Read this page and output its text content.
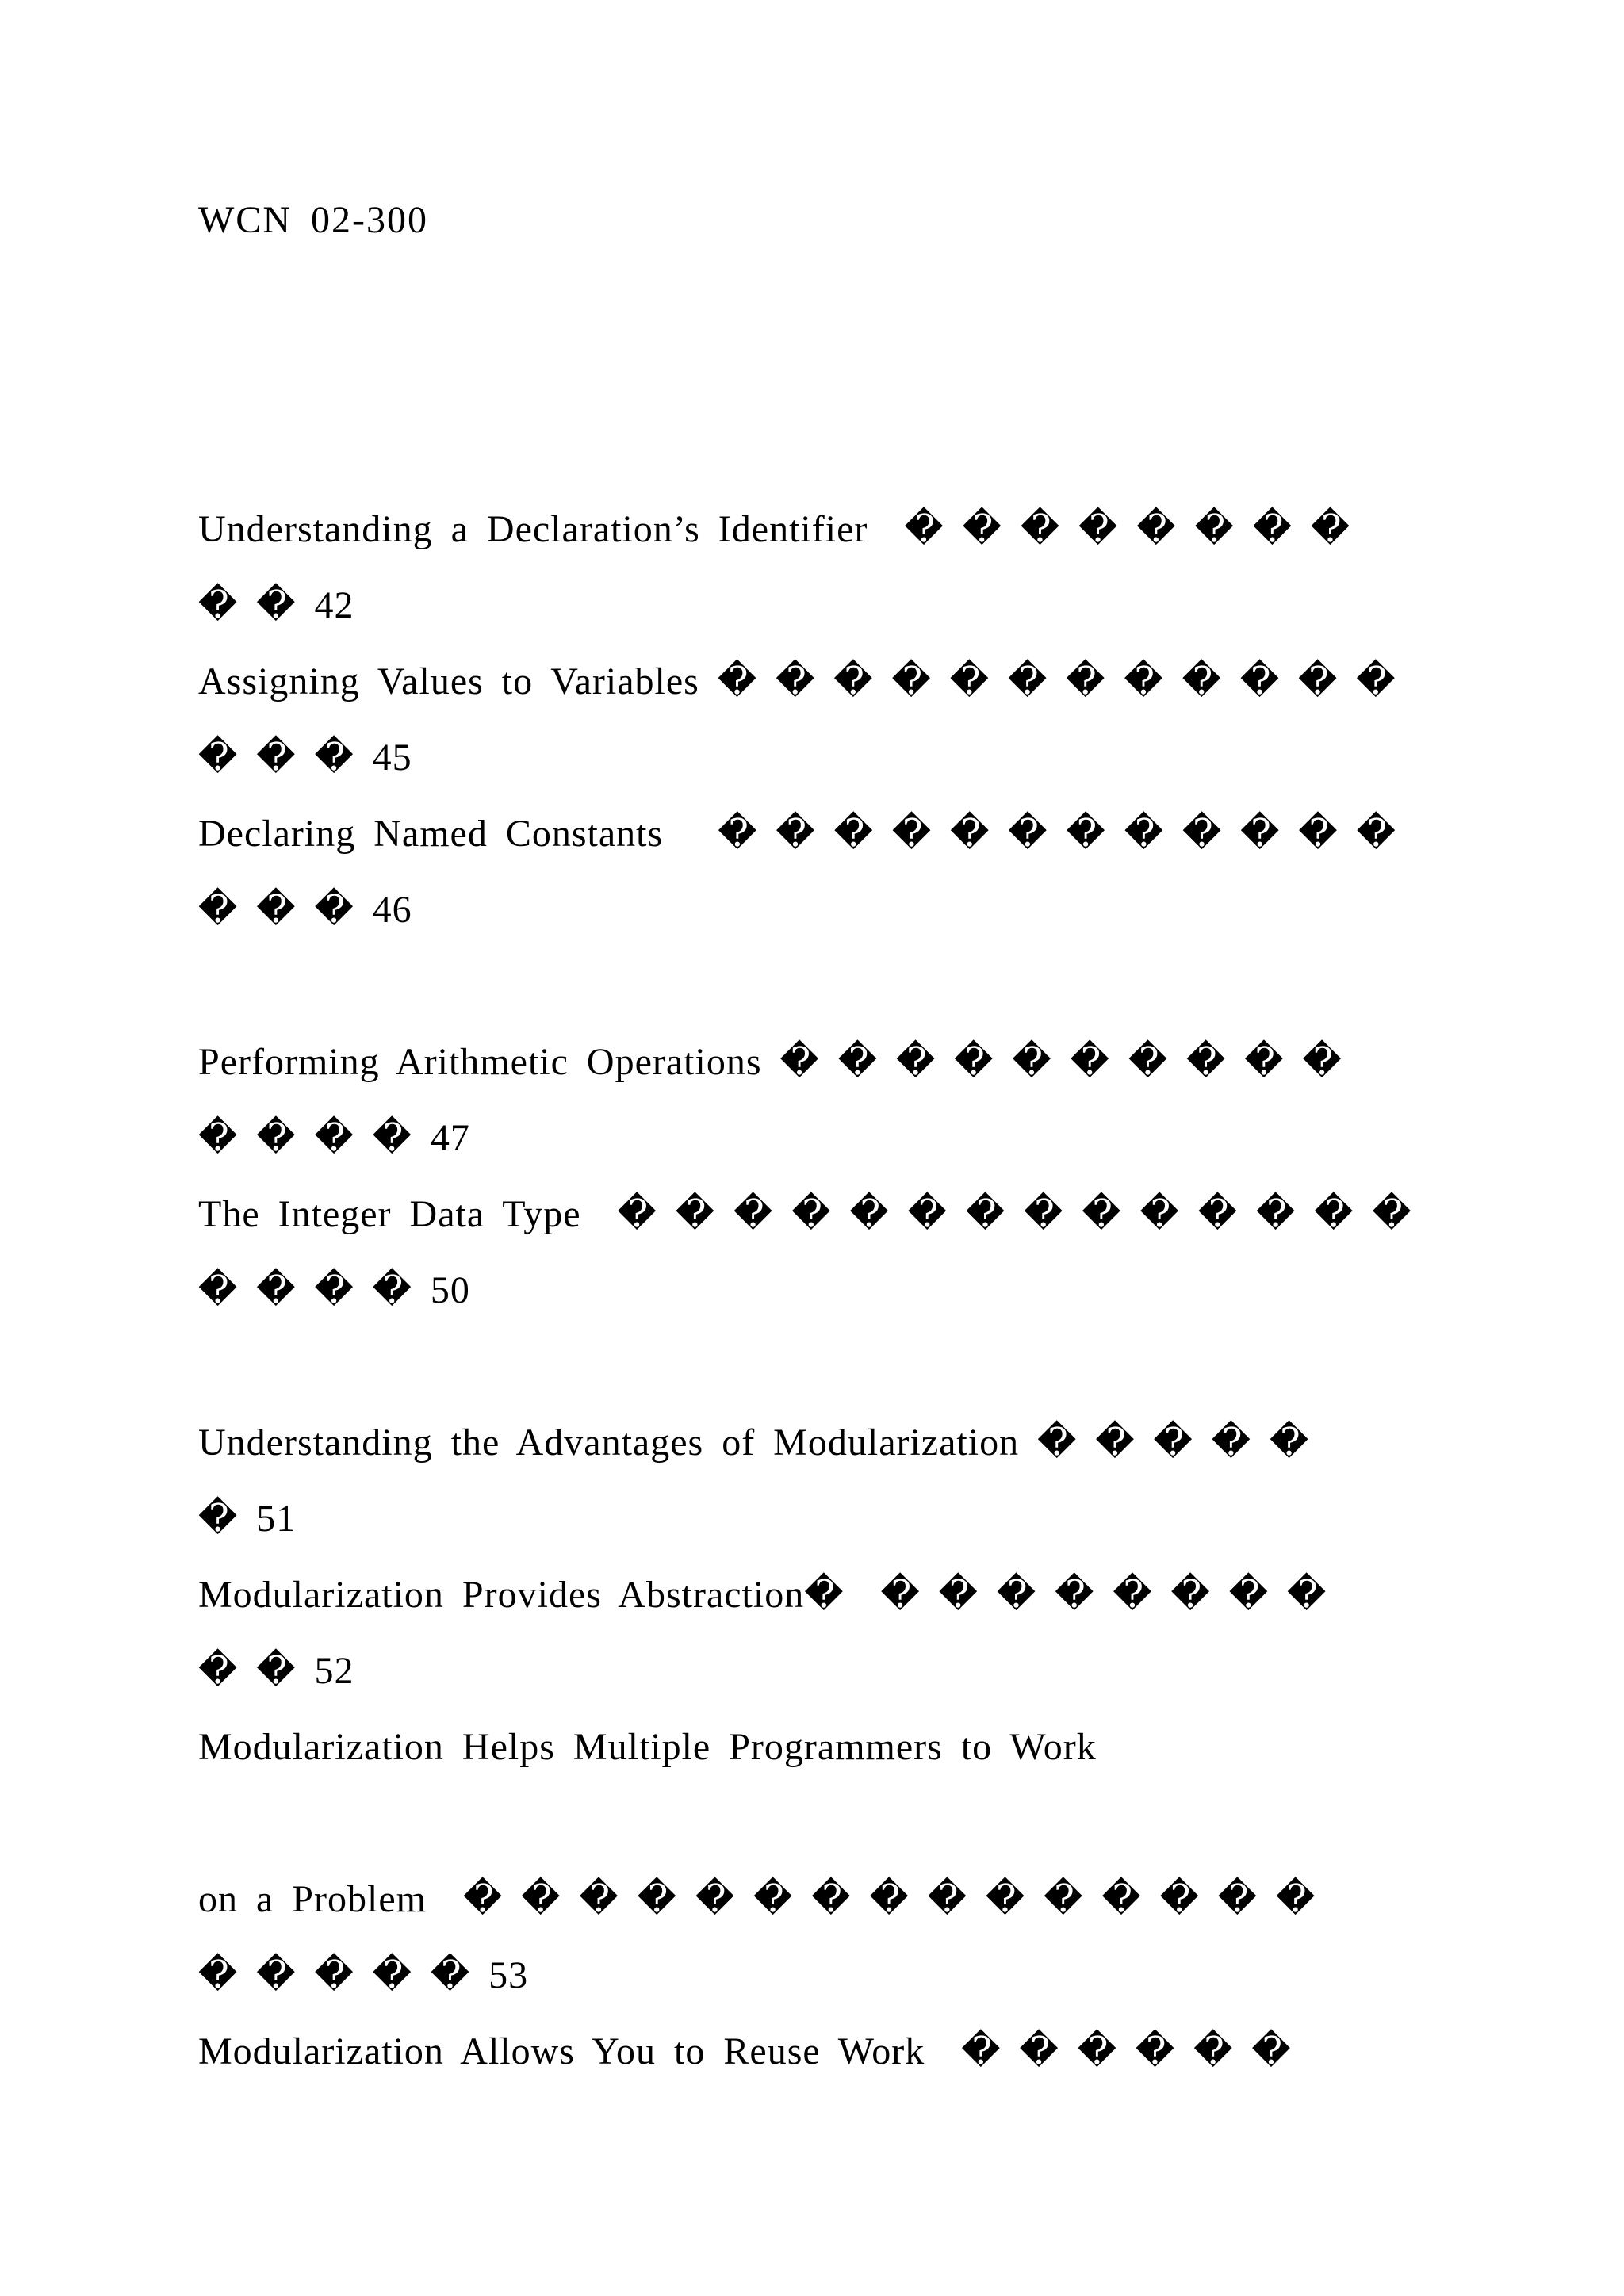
WCN 02-300
Understanding a Declaration’s Identifier  � � � � � � � �
� � 42
Assigning Values to Variables � � � � � � � � � � � �
� � � 45
Declaring Named Constants   � � � � � � � � � � � �
� � � 46
Performing Arithmetic Operations � � � � � � � � � �
� � � � 47
The Integer Data Type  � � � � � � � � � � � � � �
� � � � 50
Understanding the Advantages of Modularization � � � � �
� 51
Modularization Provides Abstraction�  � � � � � � � �
� � 52
Modularization Helps Multiple Programmers to Work
on a Problem  � � � � � � � � � � � � � � �
� � � � � 53
Modularization Allows You to Reuse Work  � � � � � �
